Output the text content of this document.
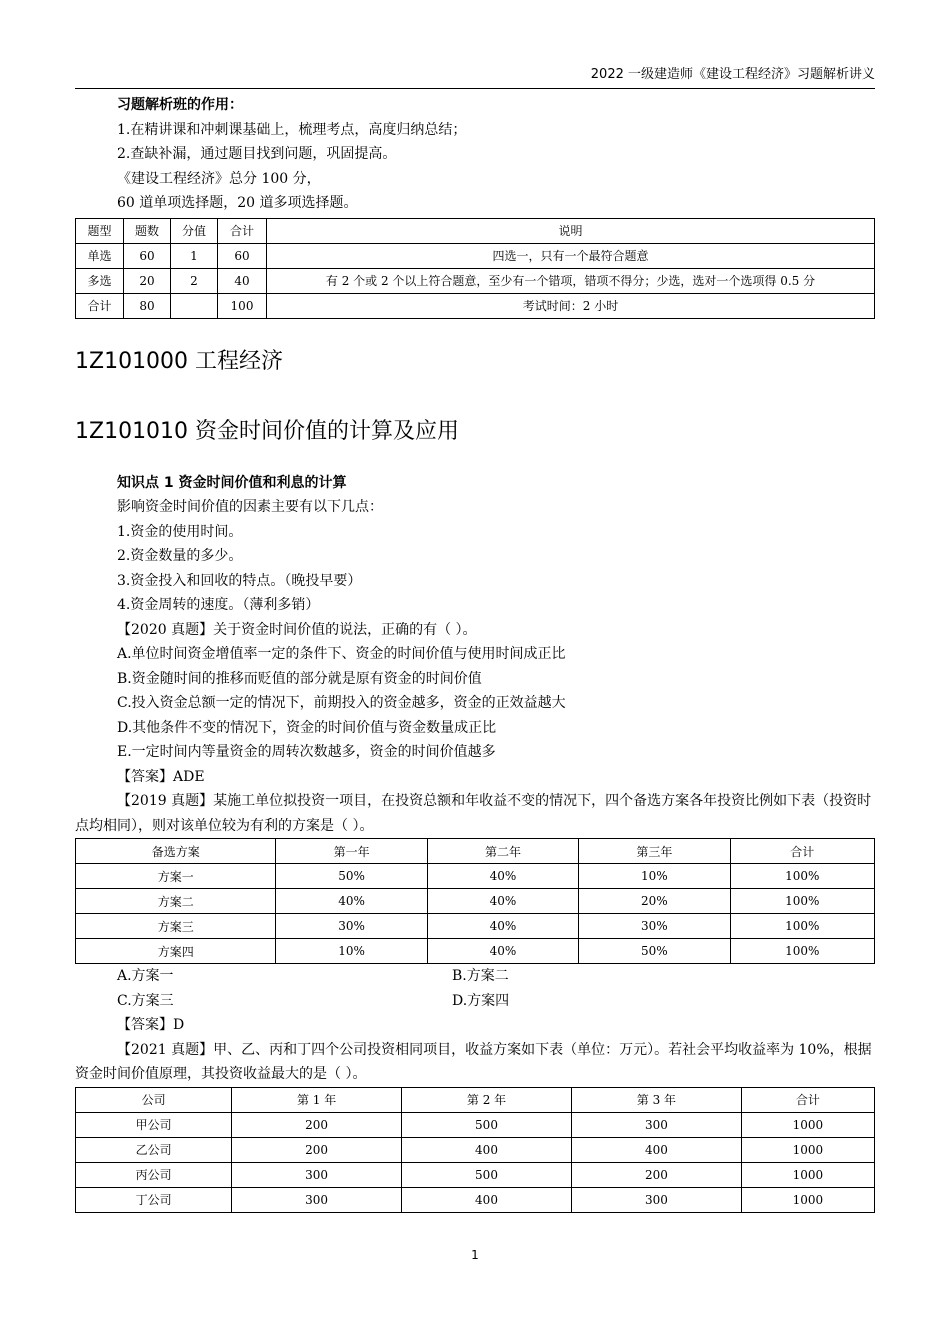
2022 一级建造师《建设工程经济》习题解析讲义
习题解析班的作用：
1.在精讲课和冲刺课基础上，梳理考点，高度归纳总结；
2.查缺补漏，通过题目找到问题，巩固提高。
《建设工程经济》总分 100 分，
60 道单项选择题，20 道多项选择题。
题型	题数	分值	合计	说明
单选	60	1	60	四选一，只有一个最符合题意
多选	20	2	40	有 2 个或 2 个以上符合题意，至少有一个错项，错项不得分；少选，选对一个选项得 0.5 分
合计	80		100	考试时间：2 小时
1Z101000 工程经济
1Z101010 资金时间价值的计算及应用
知识点 1 资金时间价值和利息的计算
影响资金时间价值的因素主要有以下几点：
1.资金的使用时间。
2.资金数量的多少。
3.资金投入和回收的特点。（晚投早要）
4.资金周转的速度。（薄利多销）
【2020 真题】关于资金时间价值的说法，正确的有（ ）。
A.单位时间资金增值率一定的条件下、资金的时间价值与使用时间成正比
B.资金随时间的推移而贬值的部分就是原有资金的时间价值
C.投入资金总额一定的情况下，前期投入的资金越多，资金的正效益越大
D.其他条件不变的情况下，资金的时间价值与资金数量成正比
E.一定时间内等量资金的周转次数越多，资金的时间价值越多
【答案】ADE
【2019 真题】某施工单位拟投资一项目，在投资总额和年收益不变的情况下，四个备选方案各年投资比例如下表（投资时点均相同），则对该单位较为有利的方案是（ ）。
备选方案	第一年	第二年	第三年	合计
方案一	50%	40%	10%	100%
方案二	40%	40%	20%	100%
方案三	30%	40%	30%	100%
方案四	10%	40%	50%	100%
A.方案一	B.方案二
C.方案三	D.方案四
【答案】D
【2021 真题】甲、乙、丙和丁四个公司投资相同项目，收益方案如下表（单位：万元）。若社会平均收益率为 10%，根据资金时间价值原理，其投资收益最大的是（ ）。
公司	第 1 年	第 2 年	第 3 年	合计
甲公司	200	500	300	1000
乙公司	200	400	400	1000
丙公司	300	500	200	1000
丁公司	300	400	300	1000
1
